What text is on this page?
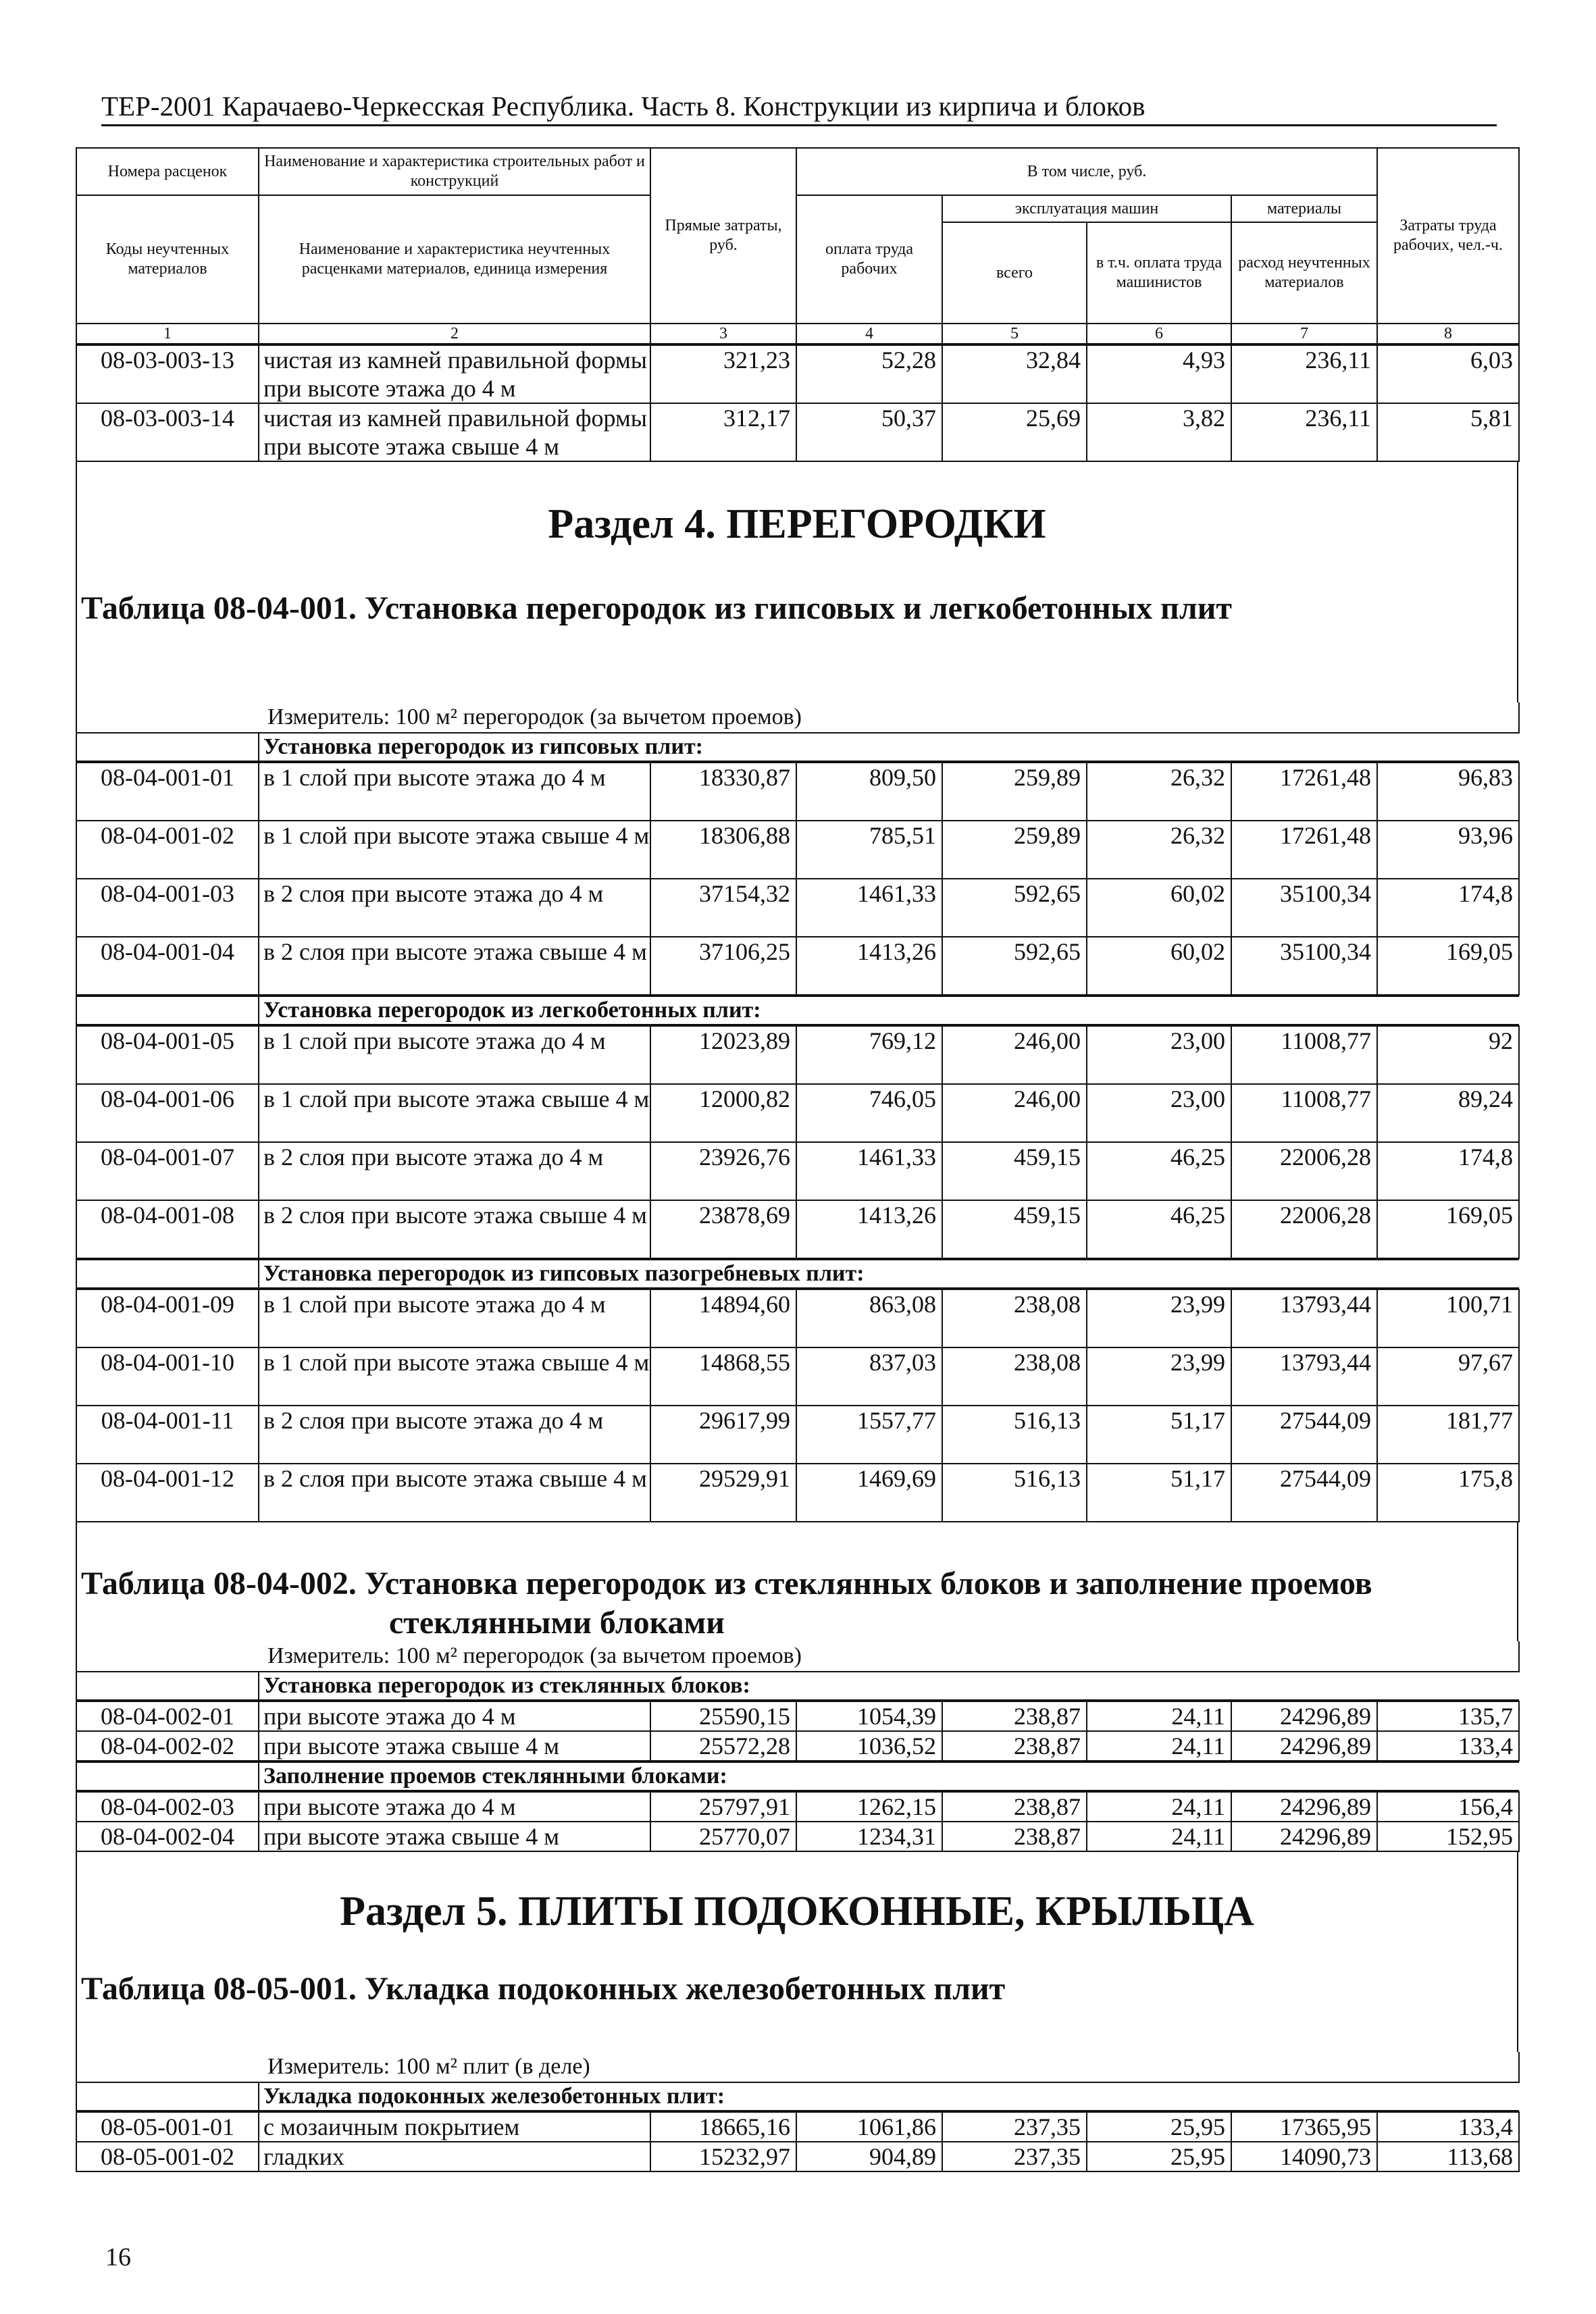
ТЕР-2001 Карачаево-Черкесская Республика. Часть 8. Конструкции из кирпича и блоков
Номера расценок	Наименование и характеристика строительных работ и конструкций	Прямые затраты, руб.	В том числе, руб.				Затраты труда рабочих, чел.-ч.
Коды неучтенных материалов	Наименование и характеристика неучтенных расценками материалов, единица измерения		оплата труда рабочих	эксплуатация машин		материалы	
				всего	в т.ч. оплата труда машинистов	расход неучтенных материалов	
1	2	3	4	5	6	7	8
08-03-003-13	чистая из камней правильной формы при высоте этажа до 4 м	321,23	52,28	32,84	4,93	236,11	6,03
08-03-003-14	чистая из камней правильной формы при высоте этажа свыше 4 м	312,17	50,37	25,69	3,82	236,11	5,81
Раздел 4. ПЕРЕГОРОДКИ
Таблица 08-04-001. Установка перегородок из гипсовых и легкобетонных плит
Измеритель: 100 м² перегородок (за вычетом проемов)
	Установка перегородок из гипсовых плит:
08-04-001-01	в 1 слой при высоте этажа до 4 м	18330,87	809,50	259,89	26,32	17261,48	96,83
08-04-001-02	в 1 слой при высоте этажа свыше 4 м	18306,88	785,51	259,89	26,32	17261,48	93,96
08-04-001-03	в 2 слоя при высоте этажа до 4 м	37154,32	1461,33	592,65	60,02	35100,34	174,8
08-04-001-04	в 2 слоя при высоте этажа свыше 4 м	37106,25	1413,26	592,65	60,02	35100,34	169,05
	Установка перегородок из легкобетонных плит:
08-04-001-05	в 1 слой при высоте этажа до 4 м	12023,89	769,12	246,00	23,00	11008,77	92
08-04-001-06	в 1 слой при высоте этажа свыше 4 м	12000,82	746,05	246,00	23,00	11008,77	89,24
08-04-001-07	в 2 слоя при высоте этажа до 4 м	23926,76	1461,33	459,15	46,25	22006,28	174,8
08-04-001-08	в 2 слоя при высоте этажа свыше 4 м	23878,69	1413,26	459,15	46,25	22006,28	169,05
	Установка перегородок из гипсовых пазогребневых плит:
08-04-001-09	в 1 слой при высоте этажа до 4 м	14894,60	863,08	238,08	23,99	13793,44	100,71
08-04-001-10	в 1 слой при высоте этажа свыше 4 м	14868,55	837,03	238,08	23,99	13793,44	97,67
08-04-001-11	в 2 слоя при высоте этажа до 4 м	29617,99	1557,77	516,13	51,17	27544,09	181,77
08-04-001-12	в 2 слоя при высоте этажа свыше 4 м	29529,91	1469,69	516,13	51,17	27544,09	175,8
Таблица 08-04-002. Установка перегородок из стеклянных блоков и заполнение проемов
стеклянными блоками
Измеритель: 100 м² перегородок (за вычетом проемов)
	Установка перегородок из стеклянных блоков:
08-04-002-01	при высоте этажа до 4 м	25590,15	1054,39	238,87	24,11	24296,89	135,7
08-04-002-02	при высоте этажа свыше 4 м	25572,28	1036,52	238,87	24,11	24296,89	133,4
	Заполнение проемов стеклянными блоками:
08-04-002-03	при высоте этажа до 4 м	25797,91	1262,15	238,87	24,11	24296,89	156,4
08-04-002-04	при высоте этажа свыше 4 м	25770,07	1234,31	238,87	24,11	24296,89	152,95
Раздел 5. ПЛИТЫ ПОДОКОННЫЕ, КРЫЛЬЦА
Таблица 08-05-001. Укладка подоконных железобетонных плит
Измеритель: 100 м² плит (в деле)
	Укладка подоконных железобетонных плит:
08-05-001-01	с мозаичным покрытием	18665,16	1061,86	237,35	25,95	17365,95	133,4
08-05-001-02	гладких	15232,97	904,89	237,35	25,95	14090,73	113,68
16
